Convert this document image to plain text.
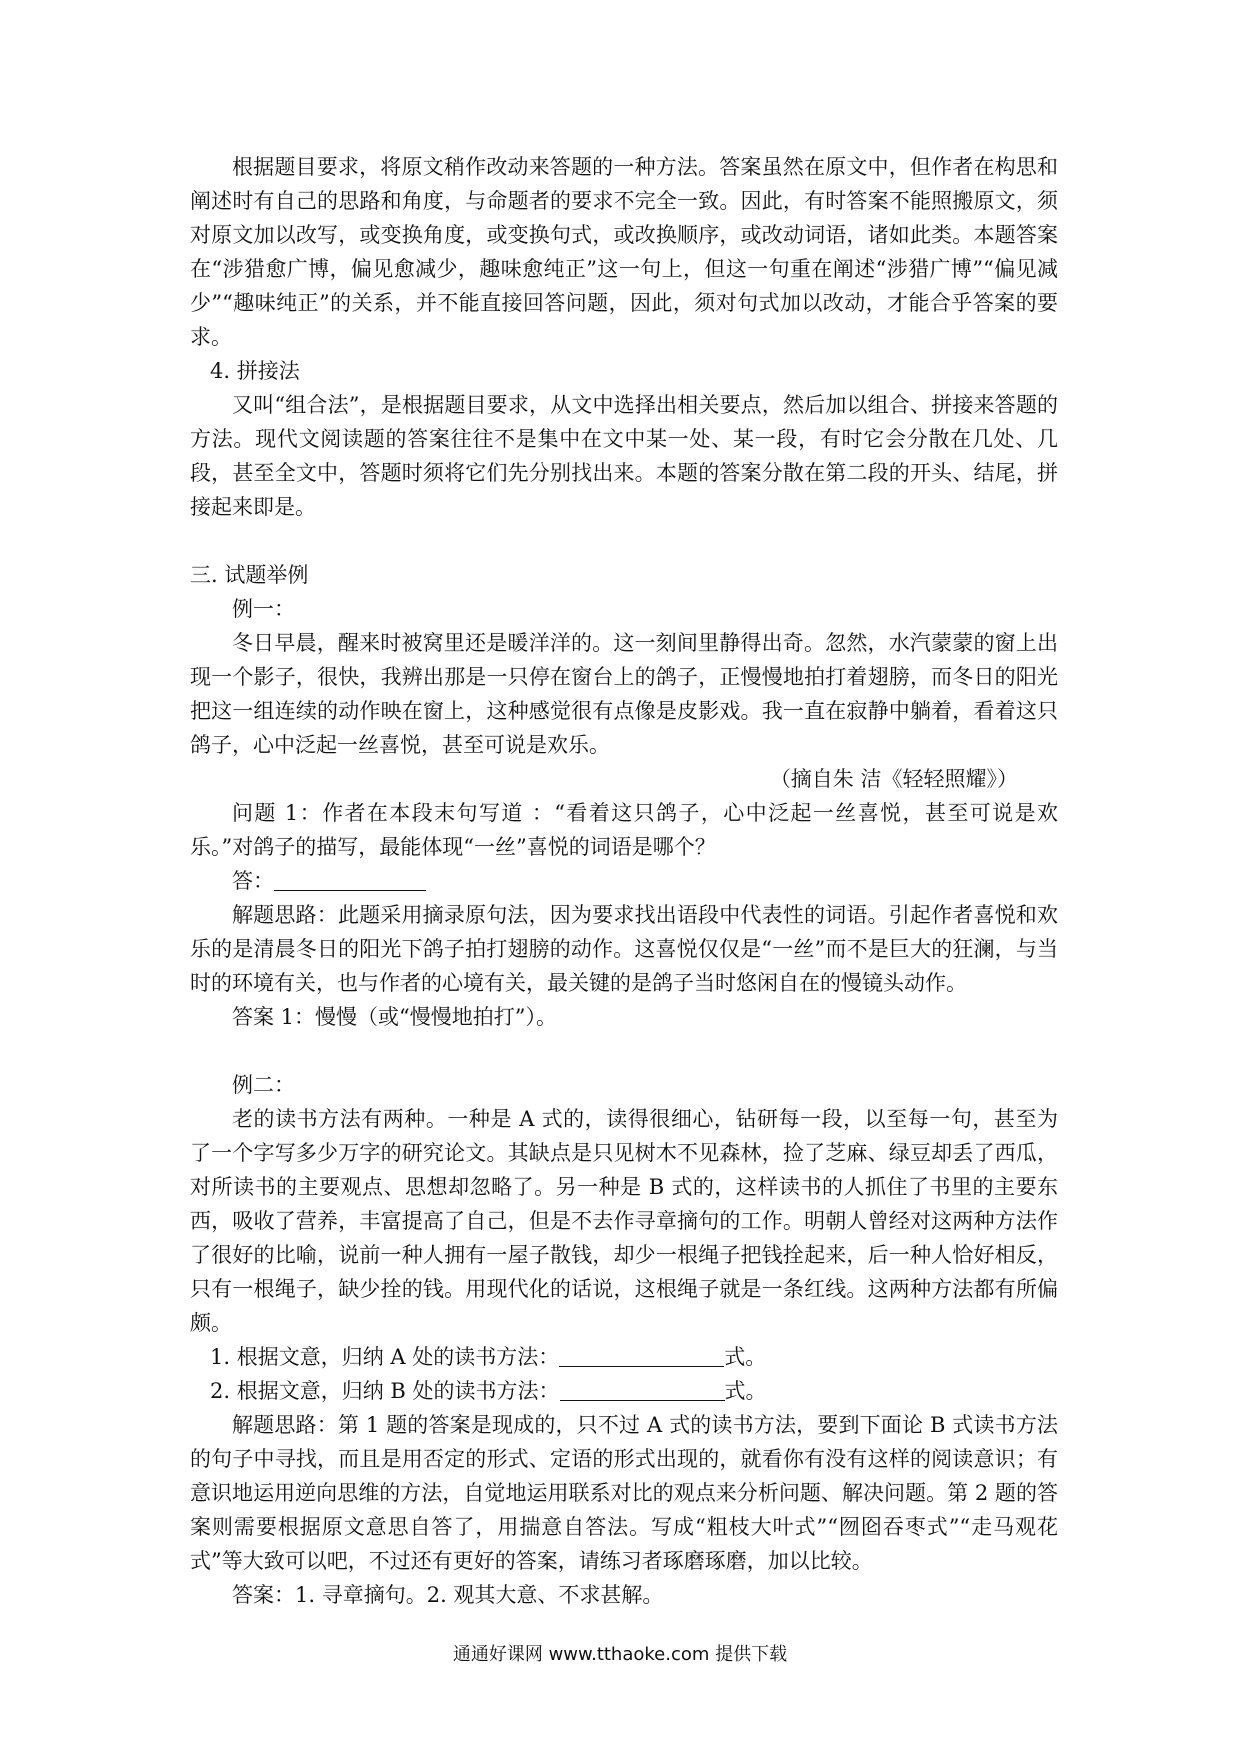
根据题目要求，将原文稍作改动来答题的一种方法。答案虽然在原文中，但作者在构思和阐述时有自己的思路和角度，与命题者的要求不完全一致。因此，有时答案不能照搬原文，须对原文加以改写，或变换角度，或变换句式，或改换顺序，或改动词语，诸如此类。本题答案在“涉猎愈广博，偏见愈减少，趣味愈纯正”这一句上，但这一句重在阐述“涉猎广博”“偏见减少”“趣味纯正”的关系，并不能直接回答问题，因此，须对句式加以改动，才能合乎答案的要求。

4. 拼接法

又叫“组合法”，是根据题目要求，从文中选择出相关要点，然后加以组合、拼接来答题的方法。现代文阅读题的答案往往不是集中在文中某一处、某一段，有时它会分散在几处、几段，甚至全文中，答题时须将它们先分别找出来。本题的答案分散在第二段的开头、结尾，拼接起来即是。

三. 试题举例

例一：

冬日早晨，醒来时被窝里还是暖洋洋的。这一刻间里静得出奇。忽然，水汽蒙蒙的窗上出现一个影子，很快，我辨出那是一只停在窗台上的鸽子，正慢慢地拍打着翅膀，而冬日的阳光把这一组连续的动作映在窗上，这种感觉很有点像是皮影戏。我一直在寂静中躺着，看着这只鸽子，心中泛起一丝喜悦，甚至可说是欢乐。

（摘自朱 洁《轻轻照耀》）

问题 1：作者在本段末句写道 ：“看着这只鸽子，心中泛起一丝喜悦，甚至可说是欢乐。”对鸽子的描写，最能体现“一丝”喜悦的词语是哪个？

答：

解题思路：此题采用摘录原句法，因为要求找出语段中代表性的词语。引起作者喜悦和欢乐的是清晨冬日的阳光下鸽子拍打翅膀的动作。这喜悦仅仅是“一丝”而不是巨大的狂澜，与当时的环境有关，也与作者的心境有关，最关键的是鸽子当时悠闲自在的慢镜头动作。

答案 1：慢慢（或“慢慢地拍打”）。

例二：

老的读书方法有两种。一种是 A 式的，读得很细心，钻研每一段，以至每一句，甚至为了一个字写多少万字的研究论文。其缺点是只见树木不见森林，捡了芝麻、绿豆却丢了西瓜，对所读书的主要观点、思想却忽略了。另一种是 B 式的，这样读书的人抓住了书里的主要东西，吸收了营养，丰富提高了自己，但是不去作寻章摘句的工作。明朝人曾经对这两种方法作了很好的比喻，说前一种人拥有一屋子散钱，却少一根绳子把钱拴起来，后一种人恰好相反，只有一根绳子，缺少拴的钱。用现代化的话说，这根绳子就是一条红线。这两种方法都有所偏颇。

1. 根据文意，归纳 A 处的读书方法：	式。

2. 根据文意，归纳 B 处的读书方法：	式。

解题思路：第 1 题的答案是现成的，只不过 A 式的读书方法，要到下面论 B 式读书方法的句子中寻找，而且是用否定的形式、定语的形式出现的，就看你有没有这样的阅读意识；有意识地运用逆向思维的方法，自觉地运用联系对比的观点来分析问题、解决问题。第 2 题的答案则需要根据原文意思自答了，用揣意自答法。写成“粗枝大叶式”“囫囵吞枣式”“走马观花式”等大致可以吧，不过还有更好的答案，请练习者琢磨琢磨，加以比较。

答案：1. 寻章摘句。2. 观其大意、不求甚解。

通通好课网 www.tthaoke.com 提供下载
